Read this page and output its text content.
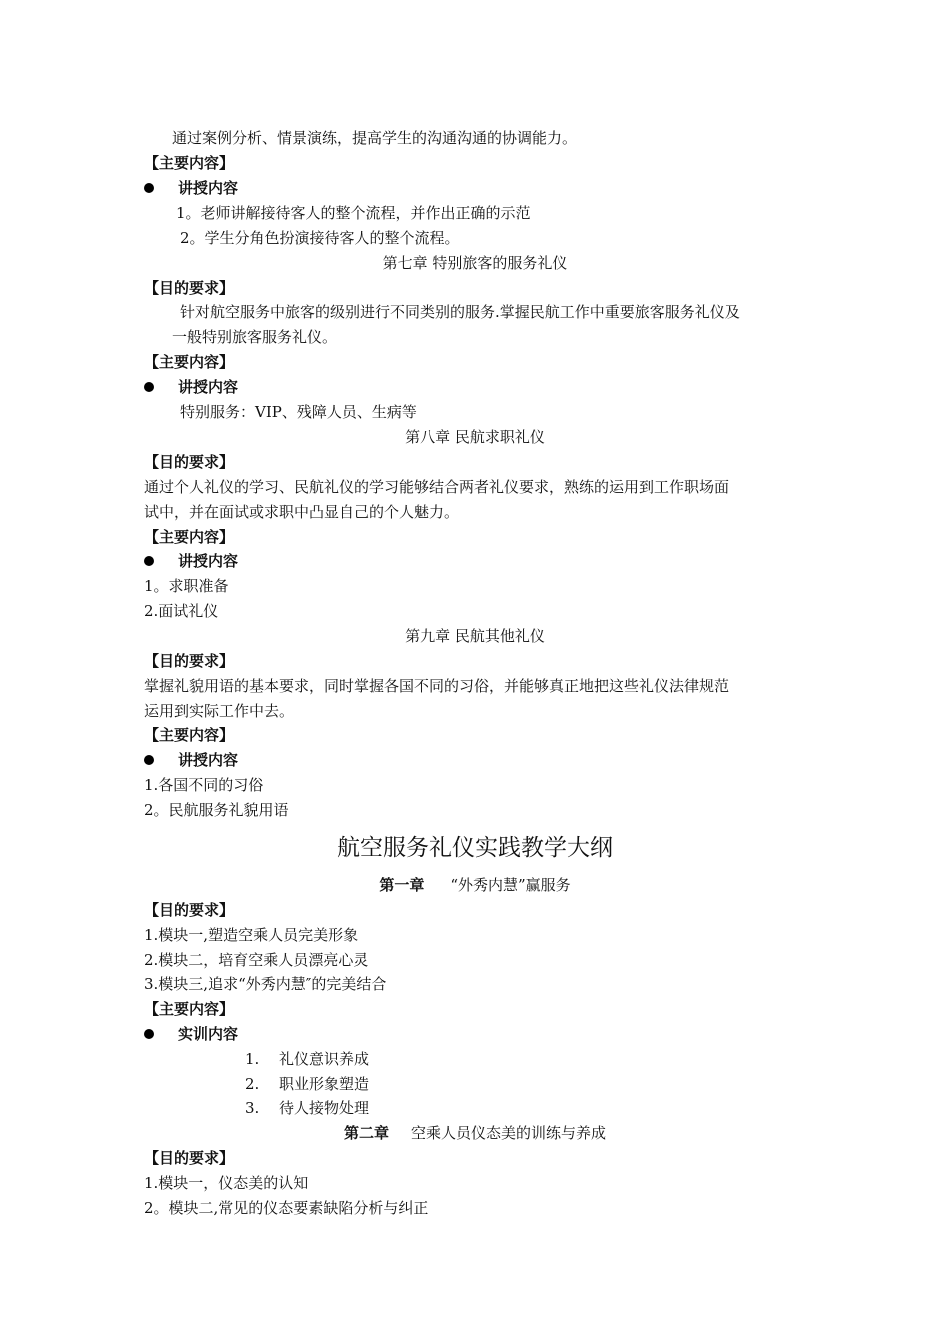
通过案例分析、情景演练，提高学生的沟通沟通的协调能力。
【主要内容】
讲授内容
1。老师讲解接待客人的整个流程，并作出正确的示范
2。学生分角色扮演接待客人的整个流程。
第七章 特别旅客的服务礼仪
【目的要求】
针对航空服务中旅客的级别进行不同类别的服务.掌握民航工作中重要旅客服务礼仪及
一般特别旅客服务礼仪。
【主要内容】
讲授内容
特别服务：VIP、残障人员、生病等
第八章 民航求职礼仪
【目的要求】
通过个人礼仪的学习、民航礼仪的学习能够结合两者礼仪要求，熟练的运用到工作职场面
试中，并在面试或求职中凸显自己的个人魅力。
【主要内容】
讲授内容
1。求职准备
2.面试礼仪
第九章 民航其他礼仪
【目的要求】
掌握礼貌用语的基本要求，同时掌握各国不同的习俗，并能够真正地把这些礼仪法律规范
运用到实际工作中去。
【主要内容】
讲授内容
1.各国不同的习俗
2。民航服务礼貌用语
航空服务礼仪实践教学大纲
第一章 “外秀内慧”赢服务
【目的要求】
1.模块一,塑造空乘人员完美形象
2.模块二，培育空乘人员漂亮心灵
3.模块三,追求“外秀内慧″的完美结合
【主要内容】
实训内容
1. 礼仪意识养成
2. 职业形象塑造
3. 待人接物处理
第二章 空乘人员仪态美的训练与养成
【目的要求】
1.模块一，仪态美的认知
2。模块二,常见的仪态要素缺陷分析与纠正
